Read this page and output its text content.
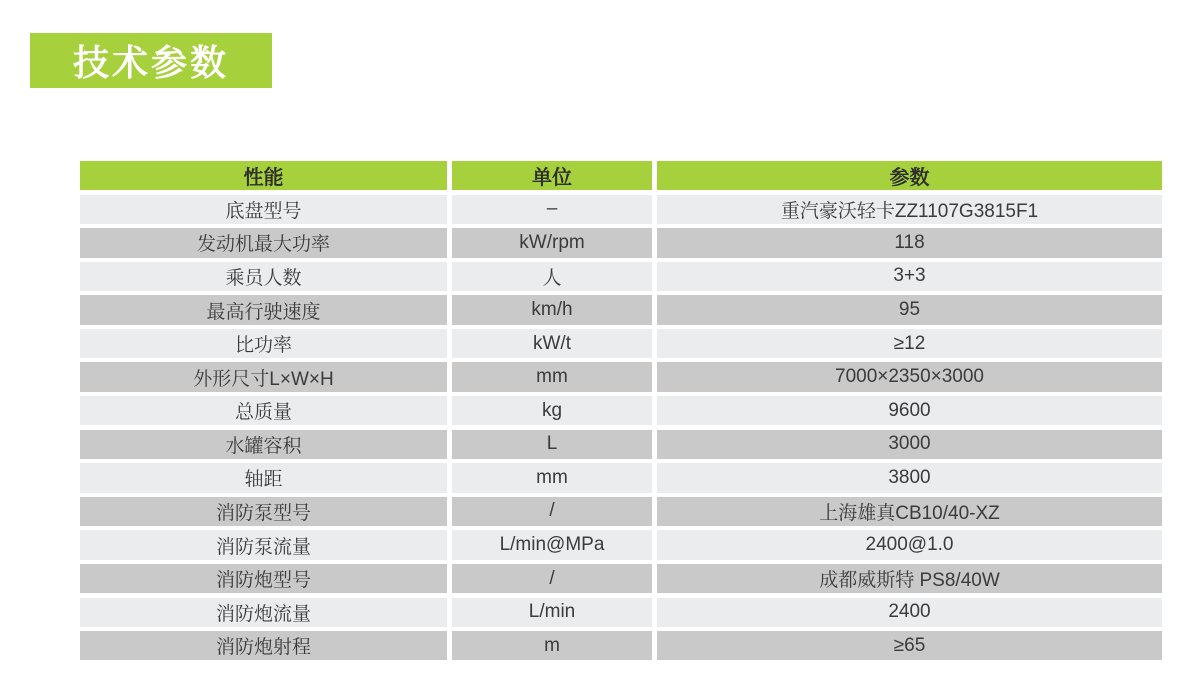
技术参数
性能	单位	参数
底盘型号	–	重汽豪沃轻卡ZZ1107G3815F1
发动机最大功率	kW/rpm	118
乘员人数	人	3+3
最高行驶速度	km/h	95
比功率	kW/t	≥12
外形尺寸L×W×H	mm	7000×2350×3000
总质量	kg	9600
水罐容积	L	3000
轴距	mm	3800
消防泵型号	/	上海雄真CB10/40-XZ
消防泵流量	L/min@MPa	2400@1.0
消防炮型号	/	成都威斯特 PS8/40W
消防炮流量	L/min	2400
消防炮射程	m	≥65
